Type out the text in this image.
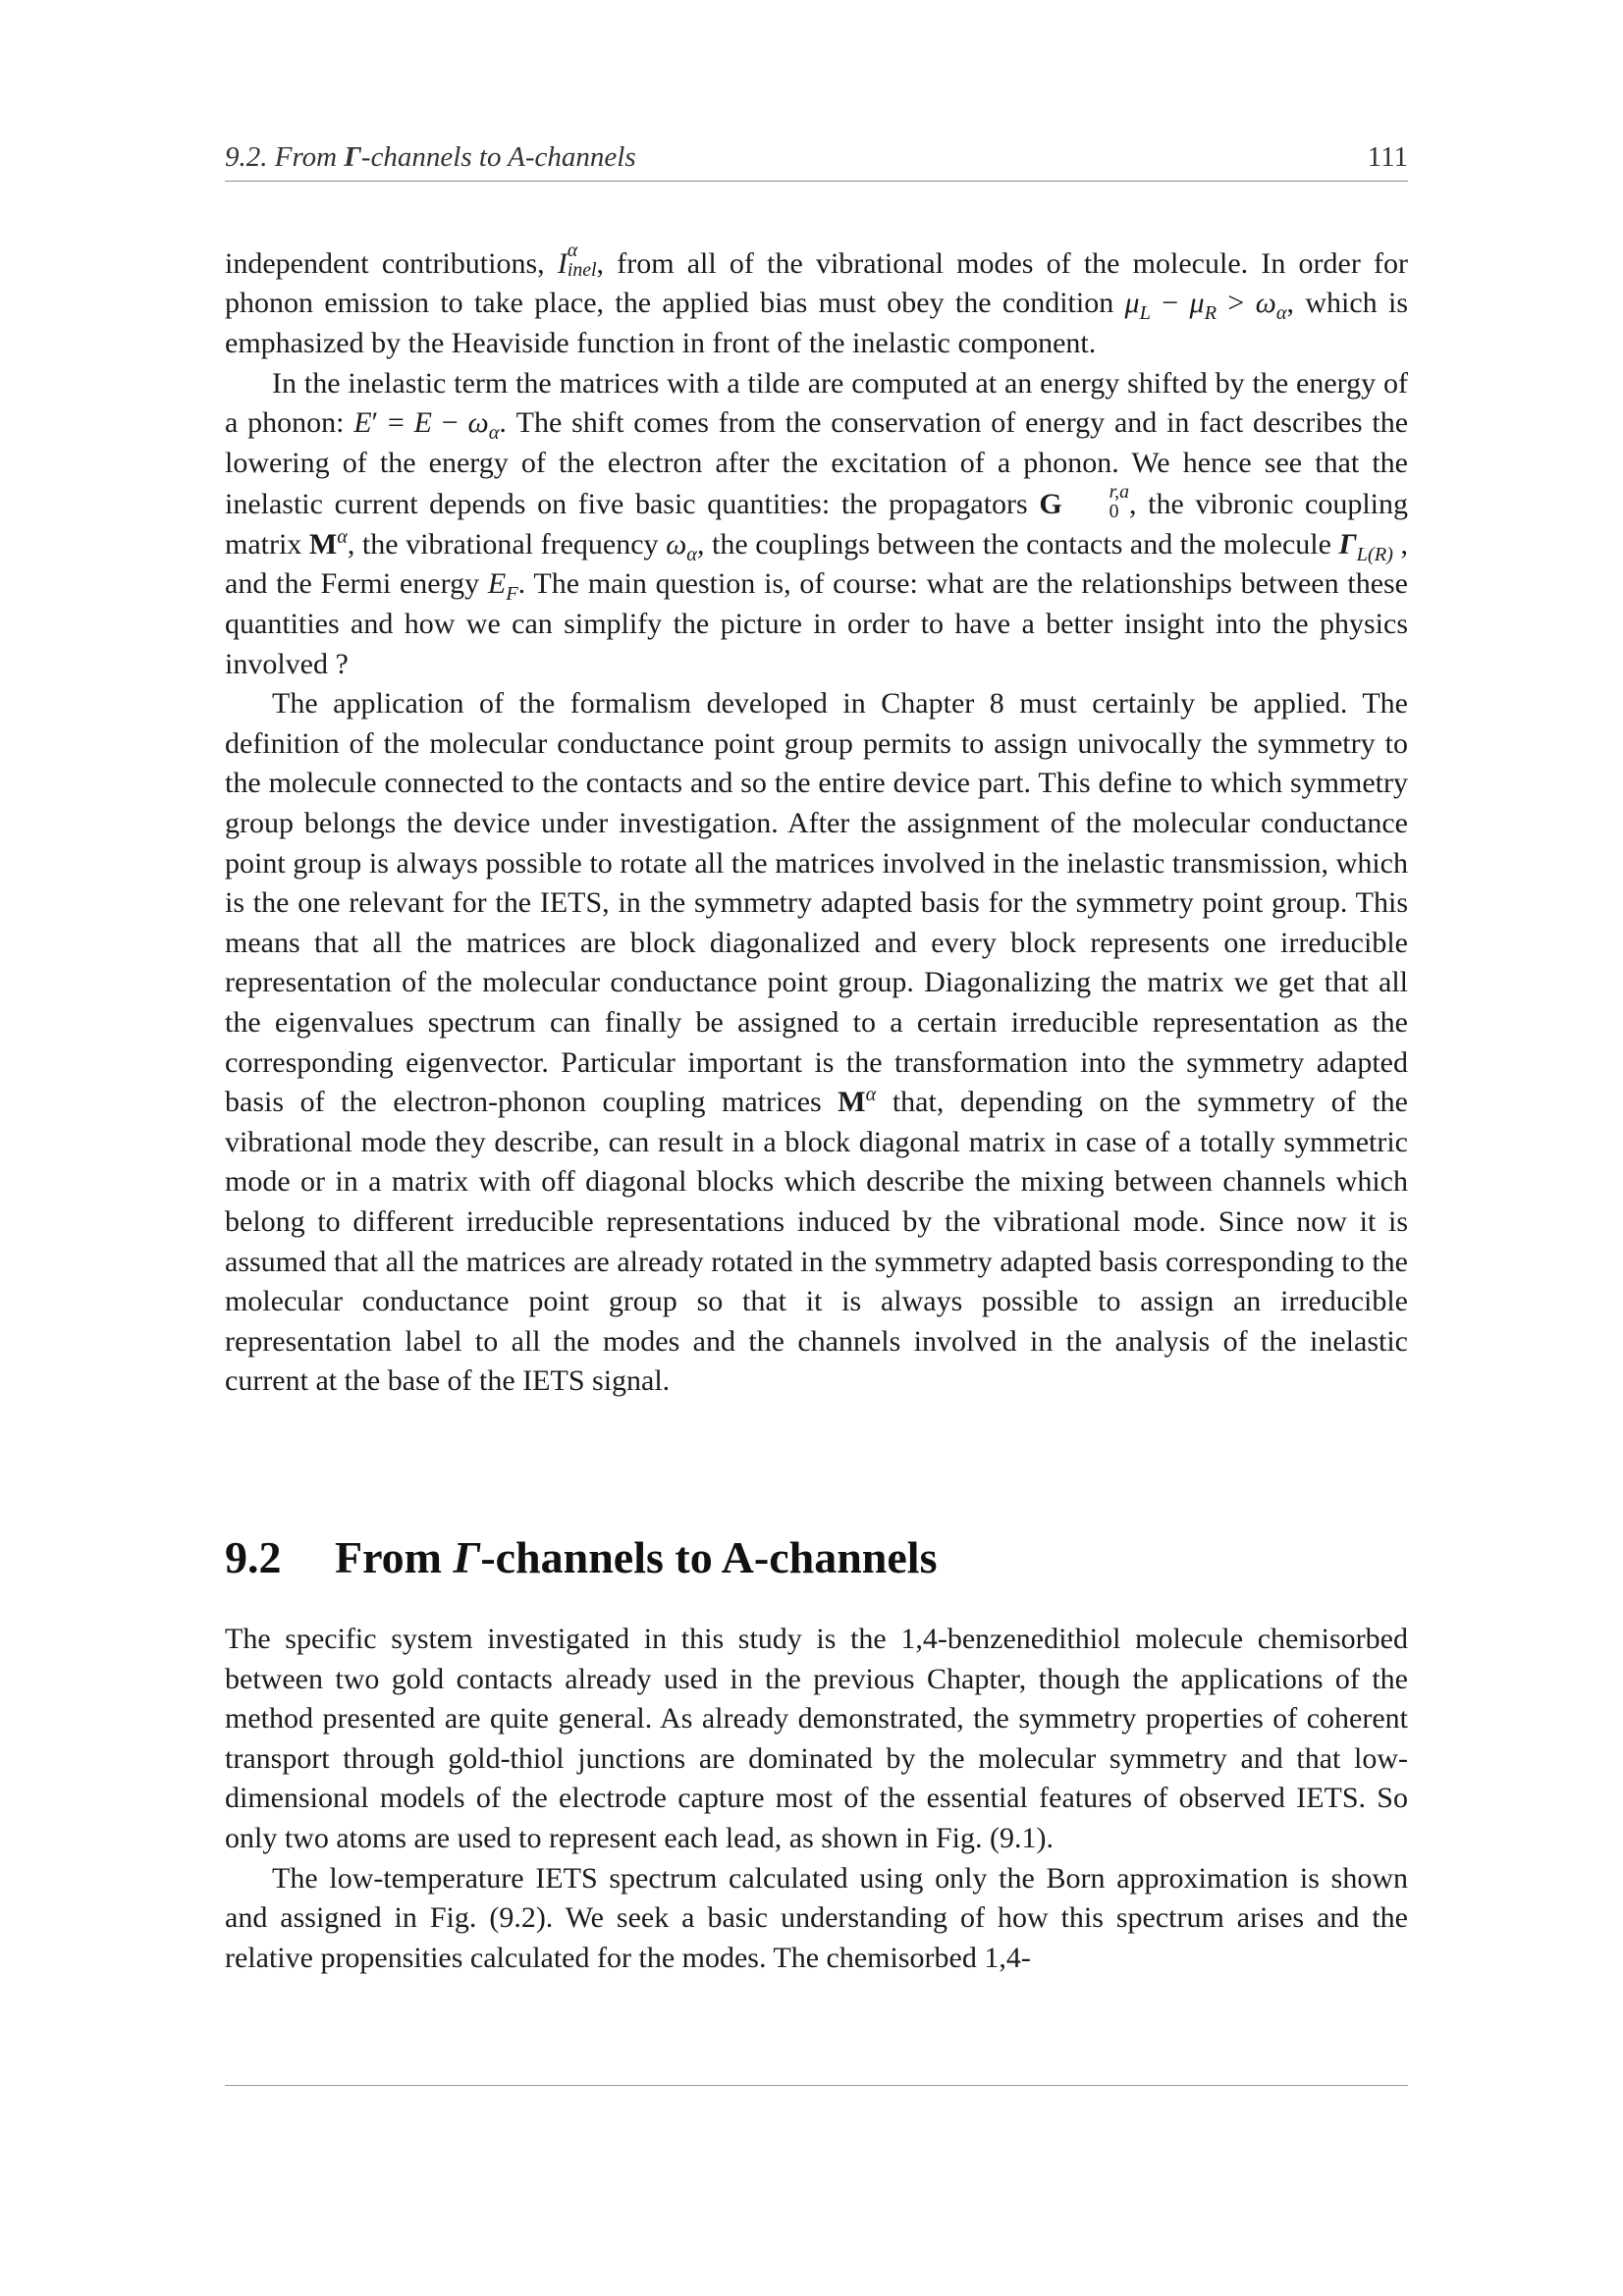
9.2. From Γ-channels to A-channels	111

independent contributions, I α
inel , from all of the vibrational modes of the molecule. In order for phonon emission to take place, the applied bias must obey the condition $\mu_L - \mu_R > \omega_\alpha$, which is emphasized by the Heaviside function in front of the inelastic component.

In the inelastic term the matrices with a tilde are computed at an energy shifted by the energy of a phonon: $E' = E - \omega_\alpha$. The shift comes from the conservation of energy and in fact describes the lowering of the energy of the electron after the excitation of a phonon. We hence see that the inelastic current depends on five basic quantities: the propagators G	r,a
0 , the vibronic coupling matrix $M^\alpha$, the vibrational frequency $\omega_\alpha$, the couplings between the contacts and the molecule $\Gamma_{L(R)}$ , and the Fermi energy $E_F$. The main question is, of course: what are the relationships between these quantities and how we can simplify the picture in order to have a better insight into the physics involved ?

The application of the formalism developed in Chapter 8 must certainly be applied. The definition of the molecular conductance point group permits to assign univocally the symmetry to the molecule connected to the contacts and so the entire device part. This define to which symmetry group belongs the device under investigation. After the assignment of the molecular conductance point group is always possible to rotate all the matrices involved in the inelastic transmission, which is the one relevant for the IETS, in the symmetry adapted basis for the symmetry point group. This means that all the matrices are block diagonalized and every block represents one irreducible representation of the molecular conductance point group. Diagonalizing the matrix we get that all the eigenvalues spectrum can finally be assigned to a certain irreducible representation as the corresponding eigenvector. Particular important is the transformation into the symmetry adapted basis of the electron-phonon coupling matrices $M^\alpha$ that, depending on the symmetry of the vibrational mode they describe, can result in a block diagonal matrix in case of a totally symmetric mode or in a matrix with off diagonal blocks which describe the mixing between channels which belong to different irreducible representations induced by the vibrational mode. Since now it is assumed that all the matrices are already rotated in the symmetry adapted basis corresponding to the molecular conductance point group so that it is always possible to assign an irreducible representation label to all the modes and the channels involved in the analysis of the inelastic current at the base of the IETS signal.

9.2 From Γ-channels to A-channels

The specific system investigated in this study is the 1,4-benzenedithiol molecule chemisorbed between two gold contacts already used in the previous Chapter, though the applications of the method presented are quite general. As already demonstrated, the symmetry properties of coherent transport through gold-thiol junctions are dominated by the molecular symmetry and that low-dimensional models of the electrode capture most of the essential features of observed IETS. So only two atoms are used to represent each lead, as shown in Fig. (9.1).

The low-temperature IETS spectrum calculated using only the Born approximation is shown and assigned in Fig. (9.2). We seek a basic understanding of how this spectrum arises and the relative propensities calculated for the modes. The chemisorbed 1,4-
